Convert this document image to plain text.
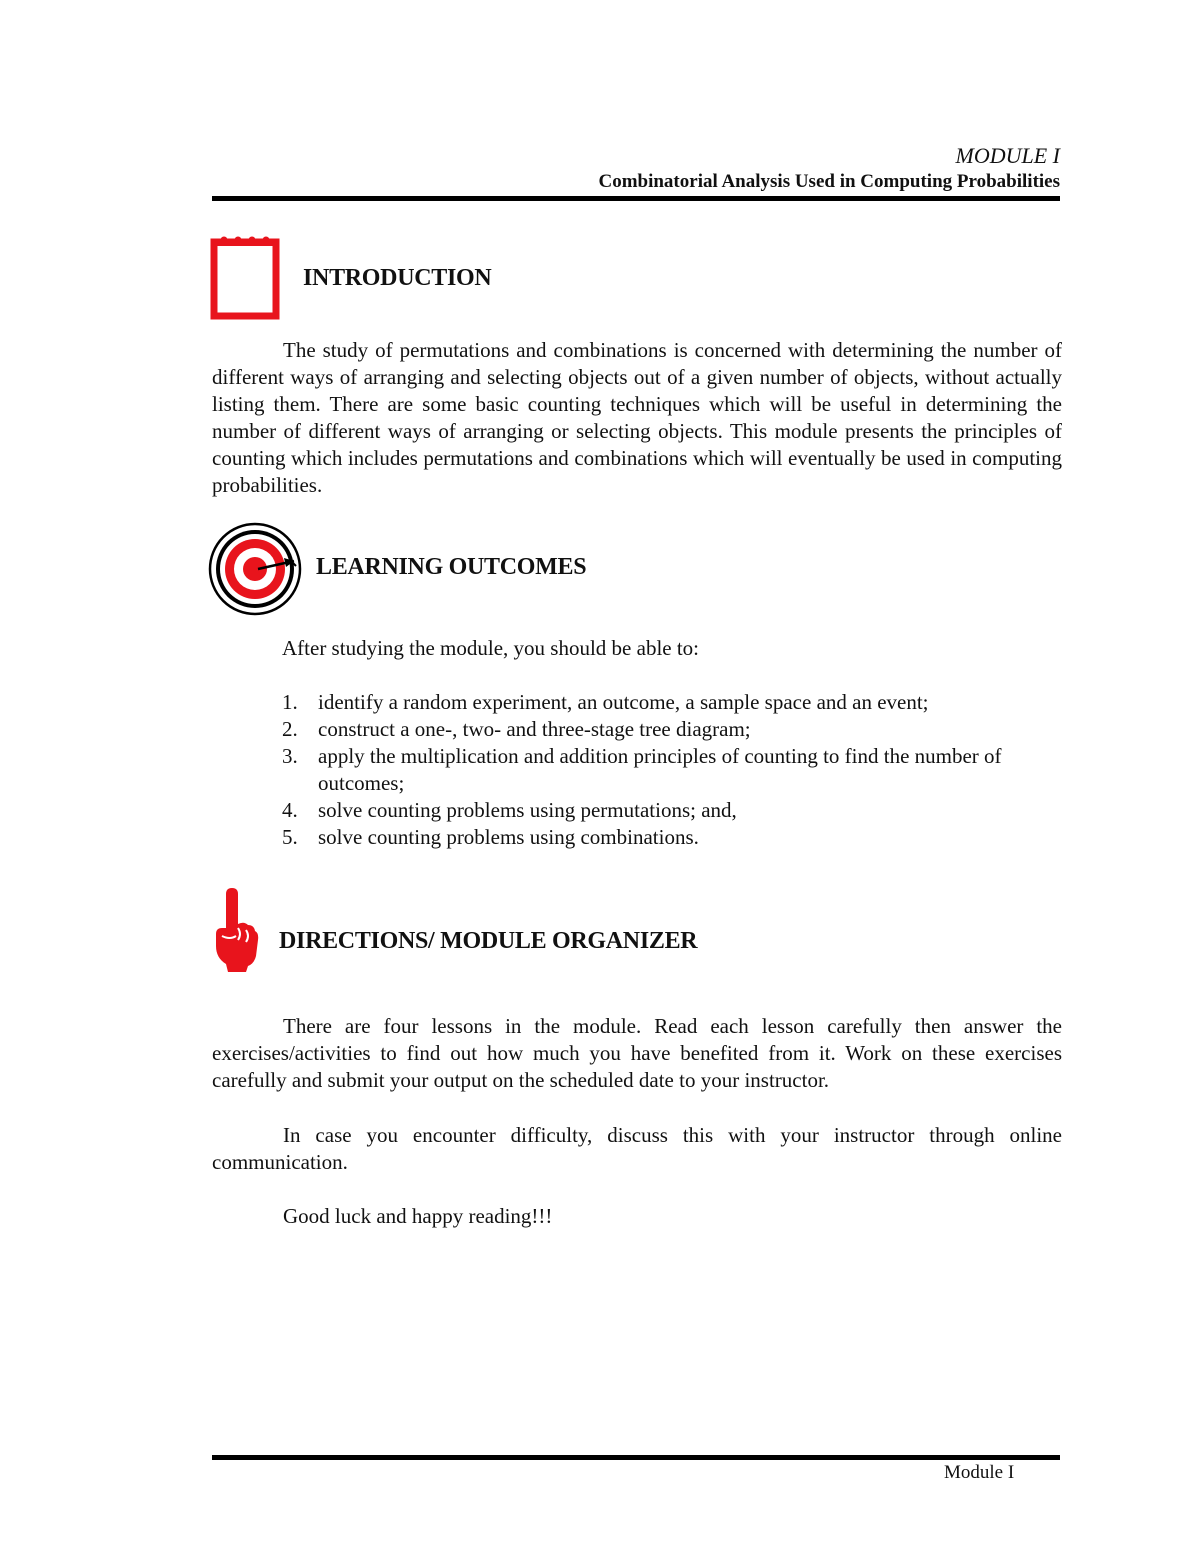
MODULE I
Combinatorial Analysis Used in Computing Probabilities
INTRODUCTION

The study of permutations and combinations is concerned with determining the number of different ways of arranging and selecting objects out of a given number of objects, without actually listing them. There are some basic counting techniques which will be useful in determining the number of different ways of arranging or selecting objects. This module presents the principles of counting which includes permutations and combinations which will eventually be used in computing probabilities.

LEARNING OUTCOMES

After studying the module, you should be able to:

1. identify a random experiment, an outcome, a sample space and an event;
2. construct a one-, two- and three-stage tree diagram;
3. apply the multiplication and addition principles of counting to find the number of outcomes;
4. solve counting problems using permutations; and,
5. solve counting problems using combinations.
DIRECTIONS/ MODULE ORGANIZER

There are four lessons in the module. Read each lesson carefully then answer the exercises/activities to find out how much you have benefited from it. Work on these exercises carefully and submit your output on the scheduled date to your instructor.

In case you encounter difficulty, discuss this with your instructor through online communication.

Good luck and happy reading!!!

Module I
